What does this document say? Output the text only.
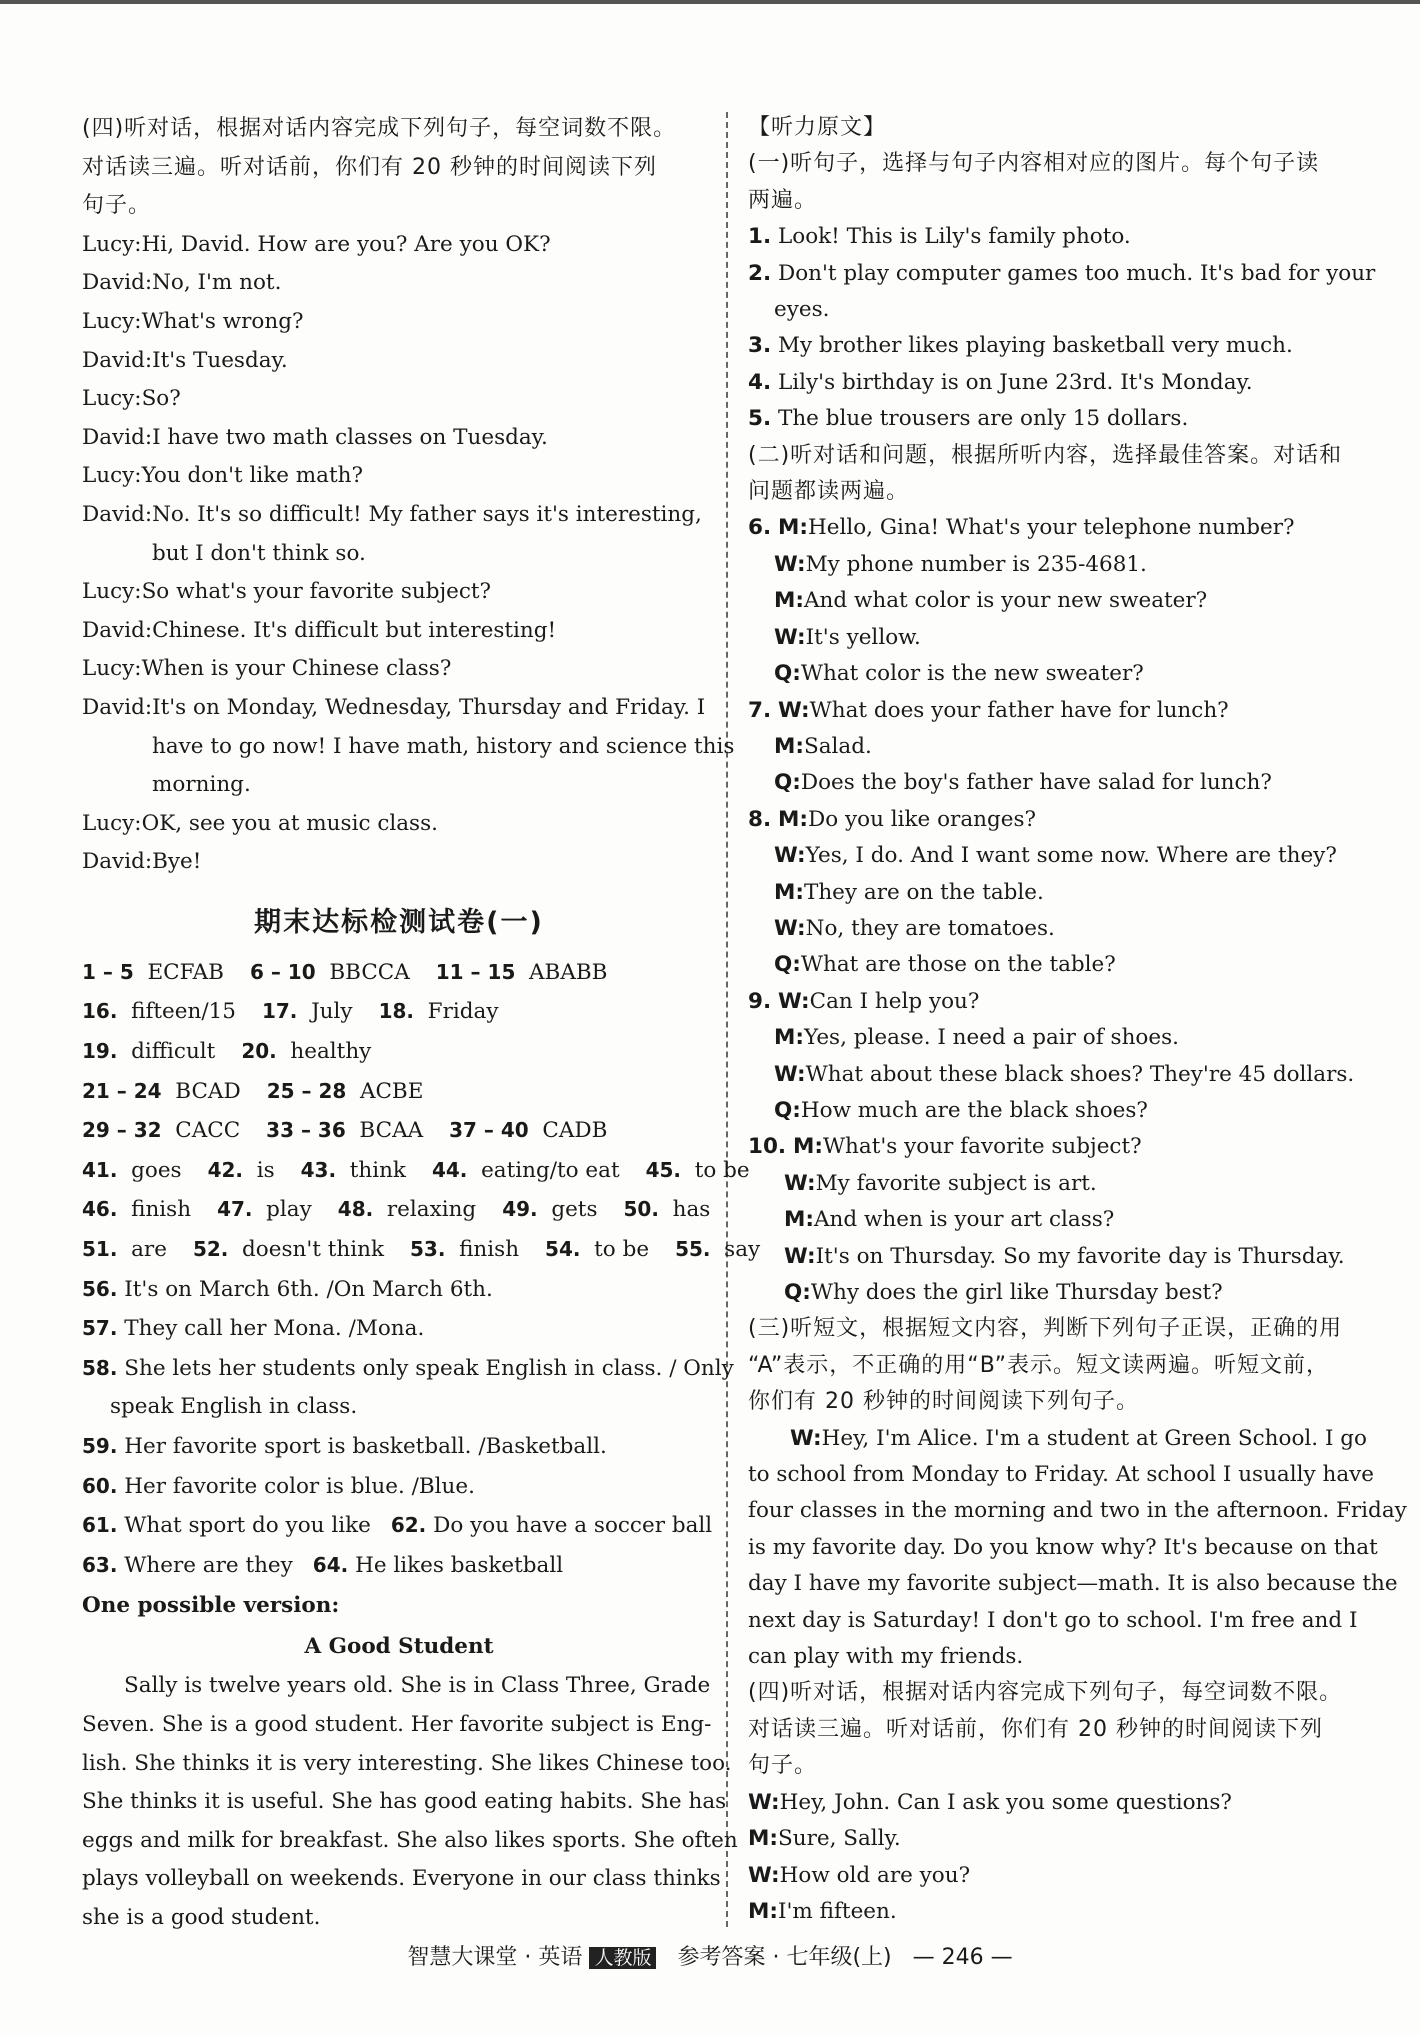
(四)听对话，根据对话内容完成下列句子，每空词数不限。

对话读三遍。听对话前，你们有 20 秒钟的时间阅读下列

句子。

Lucy:Hi, David. How are you? Are you OK?

David:No, I'm not.

Lucy:What's wrong?

David:It's Tuesday.

Lucy:So?

David:I have two math classes on Tuesday.

Lucy:You don't like math?

David:No. It's so difficult! My father says it's interesting,

but I don't think so.

Lucy:So what's your favorite subject?

David:Chinese. It's difficult but interesting!

Lucy:When is your Chinese class?

David:It's on Monday, Wednesday, Thursday and Friday. I

have to go now! I have math, history and science this

morning.

Lucy:OK, see you at music class.

David:Bye!

期末达标检测试卷(一)

1 – 5 ECFAB 6 – 10 BBCCA 11 – 15 ABABB

16. fifteen/15 17. July 18. Friday

19. difficult 20. healthy

21 – 24 BCAD 25 – 28 ACBE

29 – 32 CACC 33 – 36 BCAA 37 – 40 CADB

41. goes 42. is 43. think 44. eating/to eat 45. to be

46. finish 47. play 48. relaxing 49. gets 50. has

51. are 52. doesn't think 53. finish 54. to be 55. say

56. It's on March 6th. /On March 6th.

57. They call her Mona. /Mona.

58. She lets her students only speak English in class. / Only

speak English in class.

59. Her favorite sport is basketball. /Basketball.

60. Her favorite color is blue. /Blue.

61. What sport do you like 62. Do you have a soccer ball

63. Where are they 64. He likes basketball

One possible version:

A Good Student

Sally is twelve years old. She is in Class Three, Grade

Seven. She is a good student. Her favorite subject is Eng-

lish. She thinks it is very interesting. She likes Chinese too.

She thinks it is useful. She has good eating habits. She has

eggs and milk for breakfast. She also likes sports. She often

plays volleyball on weekends. Everyone in our class thinks

she is a good student.

【听力原文】

(一)听句子，选择与句子内容相对应的图片。每个句子读

两遍。

1. Look! This is Lily's family photo.

2. Don't play computer games too much. It's bad for your

eyes.

3. My brother likes playing basketball very much.

4. Lily's birthday is on June 23rd. It's Monday.

5. The blue trousers are only 15 dollars.

(二)听对话和问题，根据所听内容，选择最佳答案。对话和

问题都读两遍。

6. M:Hello, Gina! What's your telephone number?

W:My phone number is 235-4681.

M:And what color is your new sweater?

W:It's yellow.

Q:What color is the new sweater?

7. W:What does your father have for lunch?

M:Salad.

Q:Does the boy's father have salad for lunch?

8. M:Do you like oranges?

W:Yes, I do. And I want some now. Where are they?

M:They are on the table.

W:No, they are tomatoes.

Q:What are those on the table?

9. W:Can I help you?

M:Yes, please. I need a pair of shoes.

W:What about these black shoes? They're 45 dollars.

Q:How much are the black shoes?

10. M:What's your favorite subject?

W:My favorite subject is art.

M:And when is your art class?

W:It's on Thursday. So my favorite day is Thursday.

Q:Why does the girl like Thursday best?

(三)听短文，根据短文内容，判断下列句子正误，正确的用

“A”表示，不正确的用“B”表示。短文读两遍。听短文前，

你们有 20 秒钟的时间阅读下列句子。

W:Hey, I'm Alice. I'm a student at Green School. I go

to school from Monday to Friday. At school I usually have

four classes in the morning and two in the afternoon. Friday

is my favorite day. Do you know why? It's because on that

day I have my favorite subject—math. It is also because the

next day is Saturday! I don't go to school. I'm free and I

can play with my friends.

(四)听对话，根据对话内容完成下列句子，每空词数不限。

对话读三遍。听对话前，你们有 20 秒钟的时间阅读下列

句子。

W:Hey, John. Can I ask you some questions?

M:Sure, Sally.

W:How old are you?

M:I'm fifteen.

智慧大课堂 · 英语 人教版 参考答案 · 七年级(上) — 246 —
